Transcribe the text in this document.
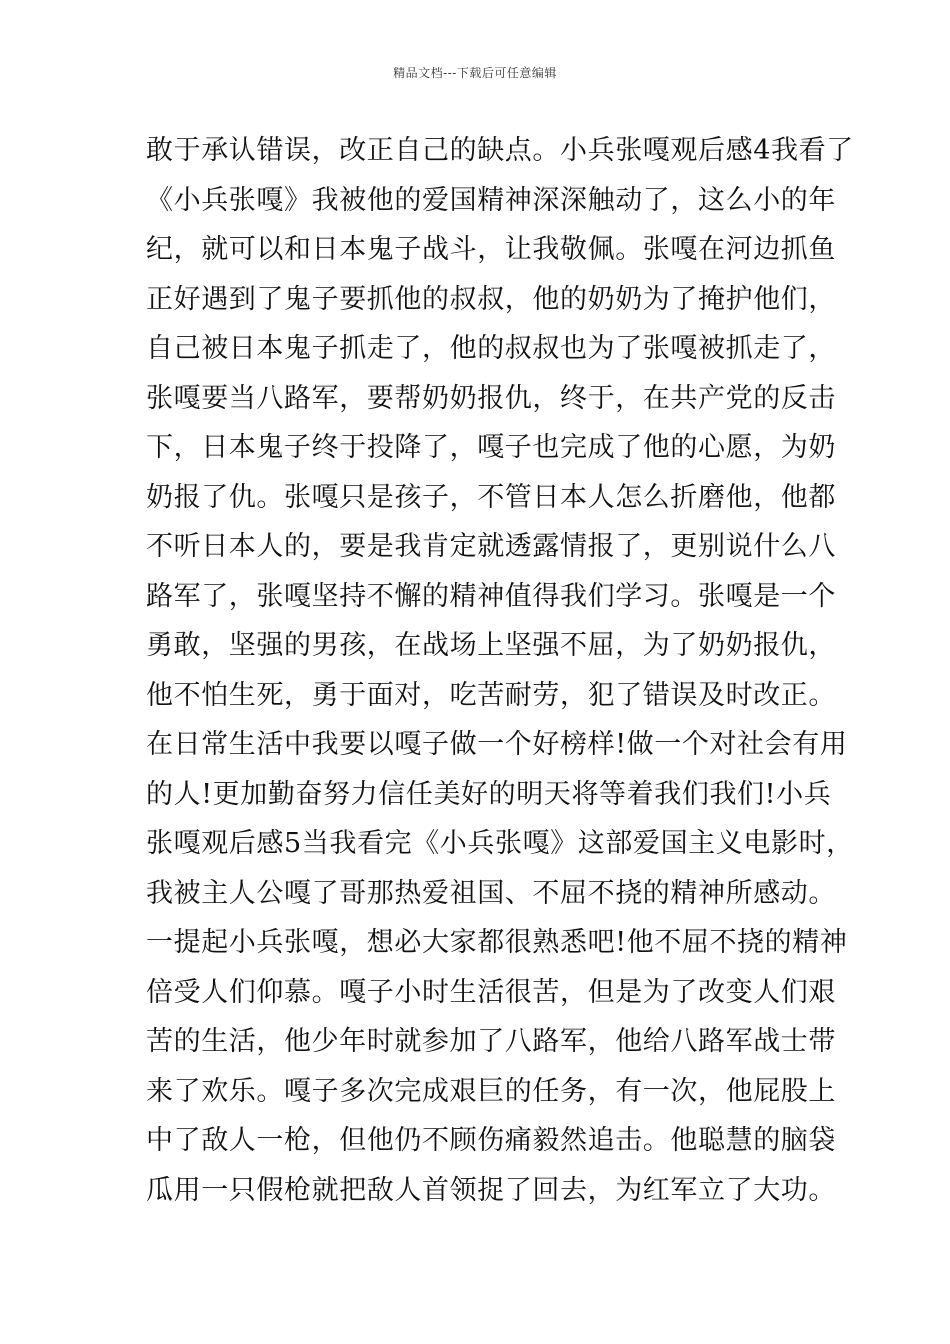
精品文档---下载后可任意编辑
敢于承认错误，改正自己的缺点。小兵张嘎观后感4我看了
《小兵张嘎》我被他的爱国精神深深触动了，这么小的年
纪，就可以和日本鬼子战斗，让我敬佩。张嘎在河边抓鱼
正好遇到了鬼子要抓他的叔叔，他的奶奶为了掩护他们，
自己被日本鬼子抓走了，他的叔叔也为了张嘎被抓走了，
张嘎要当八路军，要帮奶奶报仇，终于，在共产党的反击
下，日本鬼子终于投降了，嘎子也完成了他的心愿，为奶
奶报了仇。张嘎只是孩子，不管日本人怎么折磨他，他都
不听日本人的，要是我肯定就透露情报了，更别说什么八
路军了，张嘎坚持不懈的精神值得我们学习。张嘎是一个
勇敢，坚强的男孩，在战场上坚强不屈，为了奶奶报仇，
他不怕生死，勇于面对，吃苦耐劳，犯了错误及时改正。
在日常生活中我要以嘎子做一个好榜样!做一个对社会有用
的人!更加勤奋努力信任美好的明天将等着我们我们!小兵
张嘎观后感5当我看完《小兵张嘎》这部爱国主义电影时，
我被主人公嘎了哥那热爱祖国、不屈不挠的精神所感动。
一提起小兵张嘎，想必大家都很熟悉吧!他不屈不挠的精神
倍受人们仰慕。嘎子小时生活很苦，但是为了改变人们艰
苦的生活，他少年时就参加了八路军，他给八路军战士带
来了欢乐。嘎子多次完成艰巨的任务，有一次，他屁股上
中了敌人一枪，但他仍不顾伤痛毅然追击。他聪慧的脑袋
瓜用一只假枪就把敌人首领捉了回去，为红军立了大功。
